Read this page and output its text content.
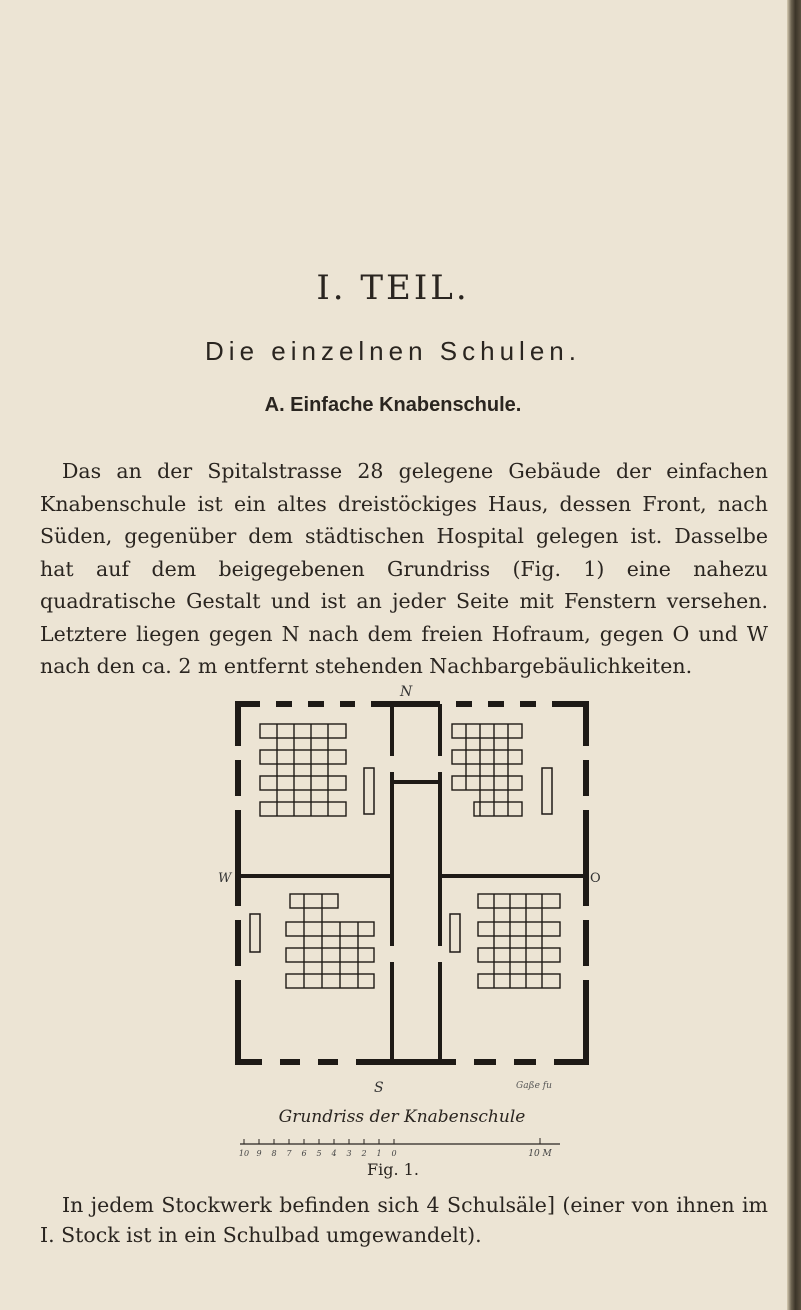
I. TEIL.
Die einzelnen Schulen.
A. Einfache Knabenschule.

Das an der Spitalstrasse 28 gelegene Gebäude der einfachen Knabenschule ist ein altes dreistöckiges Haus, dessen Front, nach Süden, gegenüber dem städtischen Hospital gelegen ist. Dasselbe hat auf dem beigegebenen Grundriss (Fig. 1) eine nahezu quadratische Gestalt und ist an jeder Seite mit Fenstern versehen. Letztere liegen gegen N nach dem freien Hofraum, gegen O und W nach den ca. 2 m entfernt stehenden Nachbargebäulichkeiten.

N
W	O
S	Gaße fu
Grundriss der Knabenschule
10 9 8 7 6 5 4 3 2 1 0	10 M
Fig. 1.

In jedem Stockwerk befinden sich 4 Schulsäle] (einer von ihnen im I. Stock ist in ein Schulbad umgewandelt).
